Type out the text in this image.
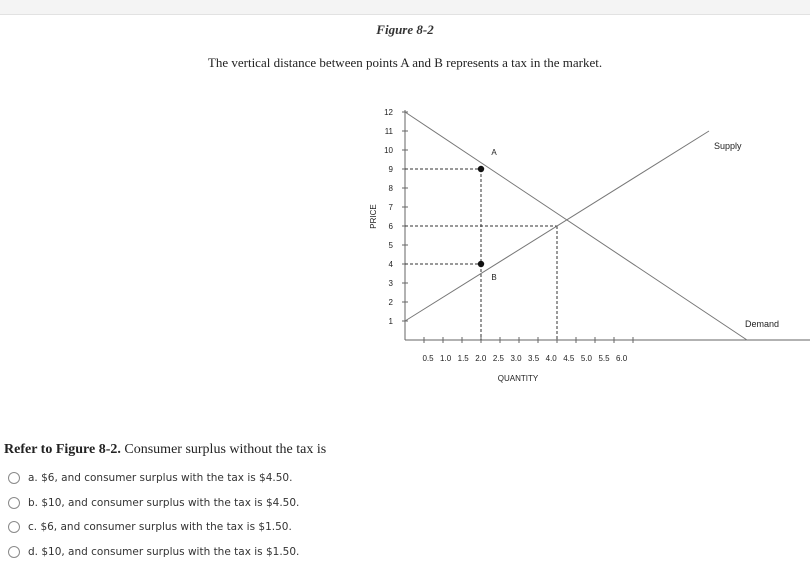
Figure 8-2
The vertical distance between points A and B represents a tax in the market.
1
2
3
4
5
6
7
8
9
10
11
12
0.5 1.0 1.5 2.0 2.5 3.0 3.5 4.0 4.5 5.0 5.5 6.0
QUANTITY
PRICE
Demand
Supply
A
B
Refer to Figure 8-2. Consumer surplus without the tax is
a. $6, and consumer surplus with the tax is $4.50.
b. $10, and consumer surplus with the tax is $4.50.
c. $6, and consumer surplus with the tax is $1.50.
d. $10, and consumer surplus with the tax is $1.50.
